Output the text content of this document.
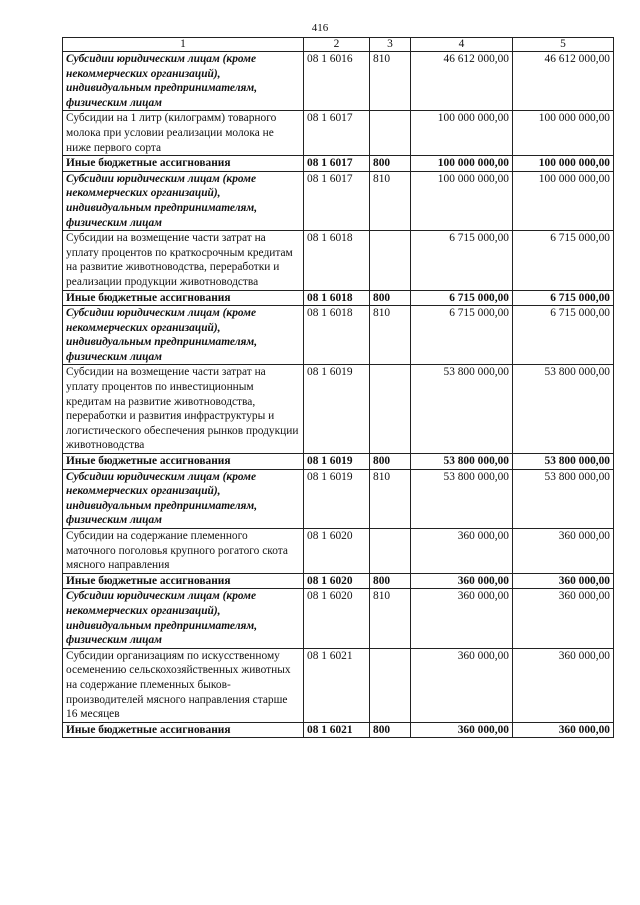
416
1	2	3	4	5
Субсидии юридическим лицам (кроме некоммерческих организаций), индивидуальным предпринимателям, физическим лицам	08 1 6016	810	46 612 000,00	46 612 000,00
Субсидии на 1 литр (килограмм) товарного молока при условии реализации молока не ниже первого сорта	08 1 6017		100 000 000,00	100 000 000,00
Иные бюджетные ассигнования	08 1 6017	800	100 000 000,00	100 000 000,00
Субсидии юридическим лицам (кроме некоммерческих организаций), индивидуальным предпринимателям, физическим лицам	08 1 6017	810	100 000 000,00	100 000 000,00
Субсидии на возмещение части затрат на уплату процентов по краткосрочным кредитам на развитие животноводства, переработки и реализации продукции животноводства	08 1 6018		6 715 000,00	6 715 000,00
Иные бюджетные ассигнования	08 1 6018	800	6 715 000,00	6 715 000,00
Субсидии юридическим лицам (кроме некоммерческих организаций), индивидуальным предпринимателям, физическим лицам	08 1 6018	810	6 715 000,00	6 715 000,00
Субсидии на возмещение части затрат на уплату процентов по инвестиционным кредитам на развитие животноводства, переработки и развития инфраструктуры и логистического обеспечения рынков продукции животноводства	08 1 6019		53 800 000,00	53 800 000,00
Иные бюджетные ассигнования	08 1 6019	800	53 800 000,00	53 800 000,00
Субсидии юридическим лицам (кроме некоммерческих организаций), индивидуальным предпринимателям, физическим лицам	08 1 6019	810	53 800 000,00	53 800 000,00
Субсидии на содержание племенного маточного поголовья крупного рогатого скота мясного направления	08 1 6020		360 000,00	360 000,00
Иные бюджетные ассигнования	08 1 6020	800	360 000,00	360 000,00
Субсидии юридическим лицам (кроме некоммерческих организаций), индивидуальным предпринимателям, физическим лицам	08 1 6020	810	360 000,00	360 000,00
Субсидии организациям по искусственному осеменению сельскохозяйственных животных на содержание племенных быков-производителей мясного направления старше 16 месяцев	08 1 6021		360 000,00	360 000,00
Иные бюджетные ассигнования	08 1 6021	800	360 000,00	360 000,00
